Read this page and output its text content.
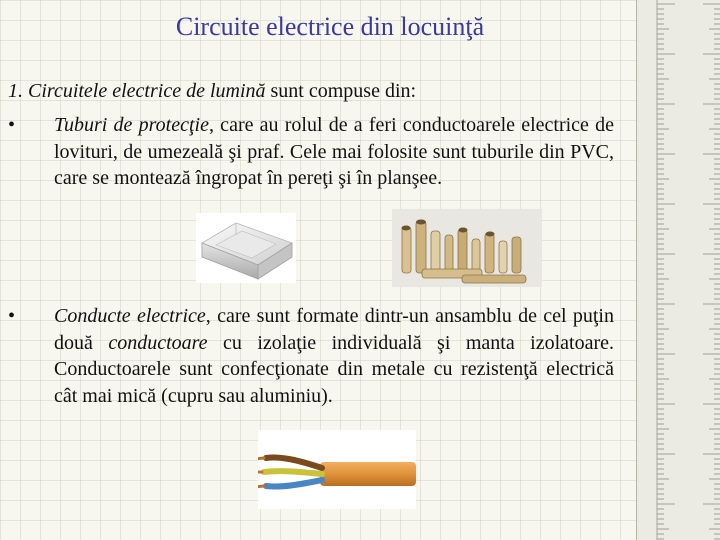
Circuite electrice din locuinţă
1. Circuitele electrice de lumină sunt compuse din:
•	Tuburi de protecţie, care au rolul de a feri conductoarele electrice de lovituri, de umezeală şi praf. Cele mai folosite sunt tuburile din PVC, care se montează îngropat în pereţi şi în planşee.
•	Conducte electrice, care sunt formate dintr-un ansamblu de cel puţin două conductoare cu izolaţie individuală şi manta izolatoare. Conductoarele sunt confecţionate din metale cu rezistenţă electrică cât mai mică (cupru sau aluminiu).
